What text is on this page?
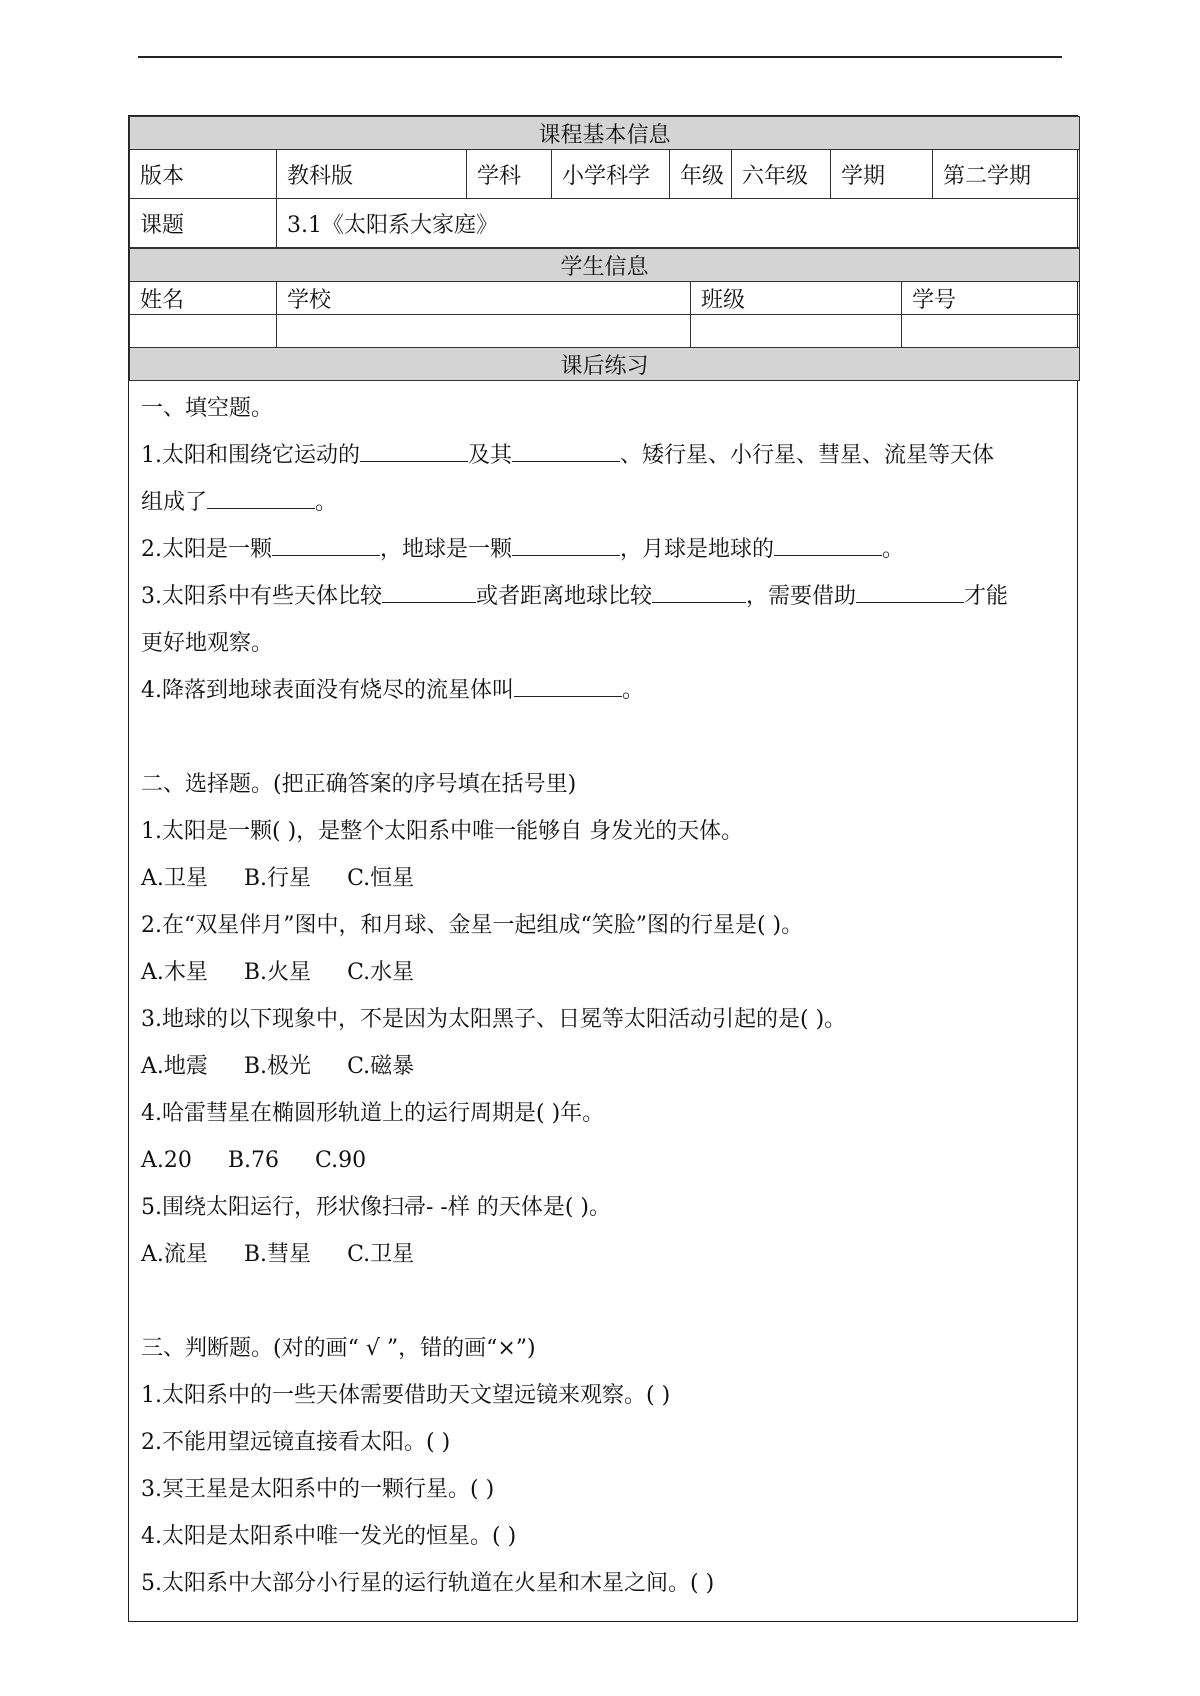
课程基本信息							
版本	教科版	学科	小学科学	年级	六年级	学期	第二学期
课题	3.1《太阳系大家庭》						
学生信息			
姓名	学校	班级	学号

课后练习			
一、填空题。
1.太阳和围绕它运动的	及其	、矮行星、小行星、彗星、流星等天体
组成了	。
2.太阳是一颗	，地球是一颗	，月球是地球的	。
3.太阳系中有些天体比较	或者距离地球比较	，需要借助	才能
更好地观察。
4.降落到地球表面没有烧尽的流星体叫	。
二、选择题。(把正确答案的序号填在括号里)
1.太阳是一颗( )，是整个太阳系中唯一能够自 身发光的天体。
A.卫星 B.行星 C.恒星
2.在“双星伴月”图中，和月球、金星一起组成“笑脸”图的行星是( )。
A.木星 B.火星 C.水星
3.地球的以下现象中，不是因为太阳黑子、日冕等太阳活动引起的是( )。
A.地震 B.极光 C.磁暴
4.哈雷彗星在椭圆形轨道上的运行周期是( )年。
A.20 B.76 C.90
5.围绕太阳运行，形状像扫帚- -样 的天体是( )。
A.流星 B.彗星 C.卫星
三、判断题。(对的画“ √ ”，错的画“×”)
1.太阳系中的一些天体需要借助天文望远镜来观察。( )
2.不能用望远镜直接看太阳。( )
3.冥王星是太阳系中的一颗行星。( )
4.太阳是太阳系中唯一发光的恒星。( )
5.太阳系中大部分小行星的运行轨道在火星和木星之间。( )
